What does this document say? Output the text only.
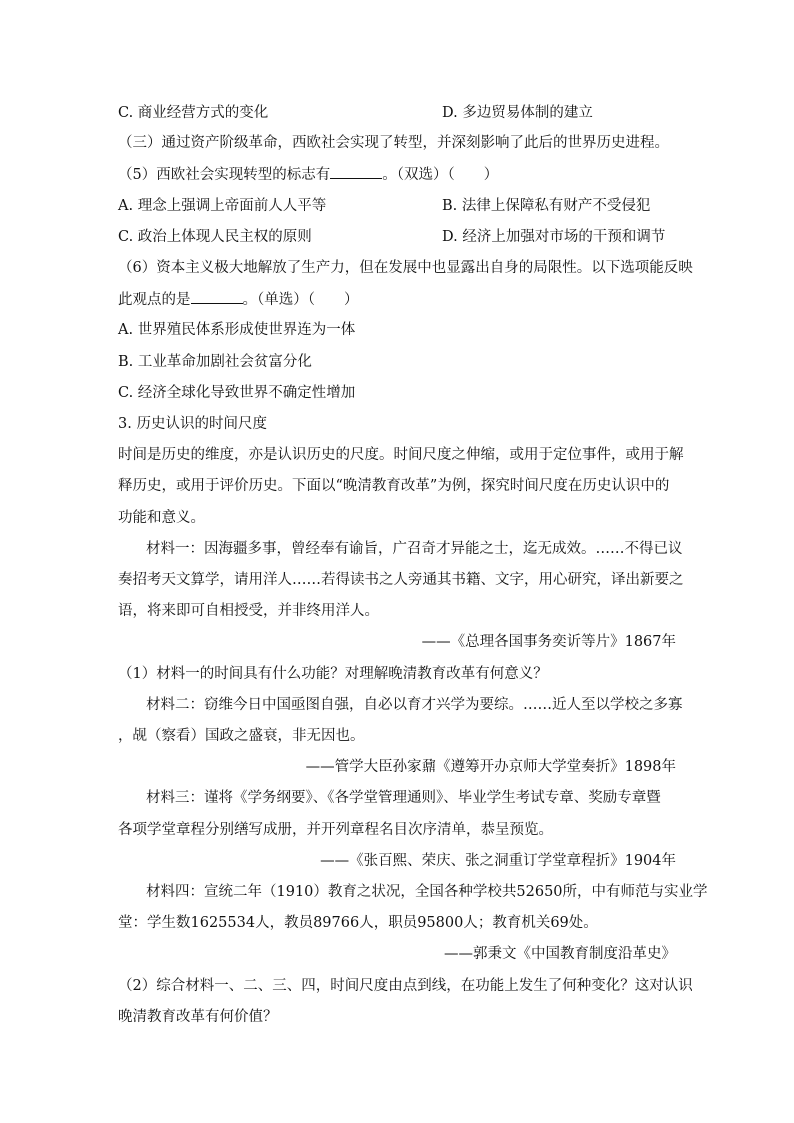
C. 商业经营方式的变化	D. 多边贸易体制的建立
（三）通过资产阶级革命，西欧社会实现了转型，并深刻影响了此后的世界历史进程。
（5）西欧社会实现转型的标志有	。（双选）（　　）
A. 理念上强调上帝面前人人平等	B. 法律上保障私有财产不受侵犯
C. 政治上体现人民主权的原则	D. 经济上加强对市场的干预和调节
（6）资本主义极大地解放了生产力，但在发展中也显露出自身的局限性。以下选项能反映
此观点的是	。（单选）（　　）
A. 世界殖民体系形成使世界连为一体
B. 工业革命加剧社会贫富分化
C. 经济全球化导致世界不确定性增加
3. 历史认识的时间尺度
时间是历史的维度，亦是认识历史的尺度。时间尺度之伸缩，或用于定位事件，或用于解
释历史，或用于评价历史。下面以“晚清教育改革”为例，探究时间尺度在历史认识中的
功能和意义。
材料一：因海疆多事，曾经奉有谕旨，广召奇才异能之士，迄无成效。……不得已议
奏招考天文算学，请用洋人……若得读书之人旁通其书籍、文字，用心研究，译出新要之
语，将来即可自相授受，并非终用洋人。
——《总理各国事务奕䜣等片》1867年
（1）材料一的时间具有什么功能？对理解晚清教育改革有何意义？
材料二：窃维今日中国亟图自强，自必以育才兴学为要综。……近人至以学校之多寡
，觇（察看）国政之盛衰，非无因也。
——管学大臣孙家鼐《遵筹开办京师大学堂奏折》1898年
材料三：谨将《学务纲要》、《各学堂管理通则》、毕业学生考试专章、奖励专章暨
各项学堂章程分别缮写成册，并开列章程名目次序清单，恭呈预览。
——《张百熙、荣庆、张之洞重订学堂章程折》1904年
材料四：宣统二年（1910）教育之状况，全国各种学校共52650所，中有师范与实业学
堂：学生数1625534人，教员89766人，职员95800人；教育机关69处。
——郭秉文《中国教育制度沿革史》
（2）综合材料一、二、三、四，时间尺度由点到线，在功能上发生了何种变化？这对认识
晚清教育改革有何价值？
